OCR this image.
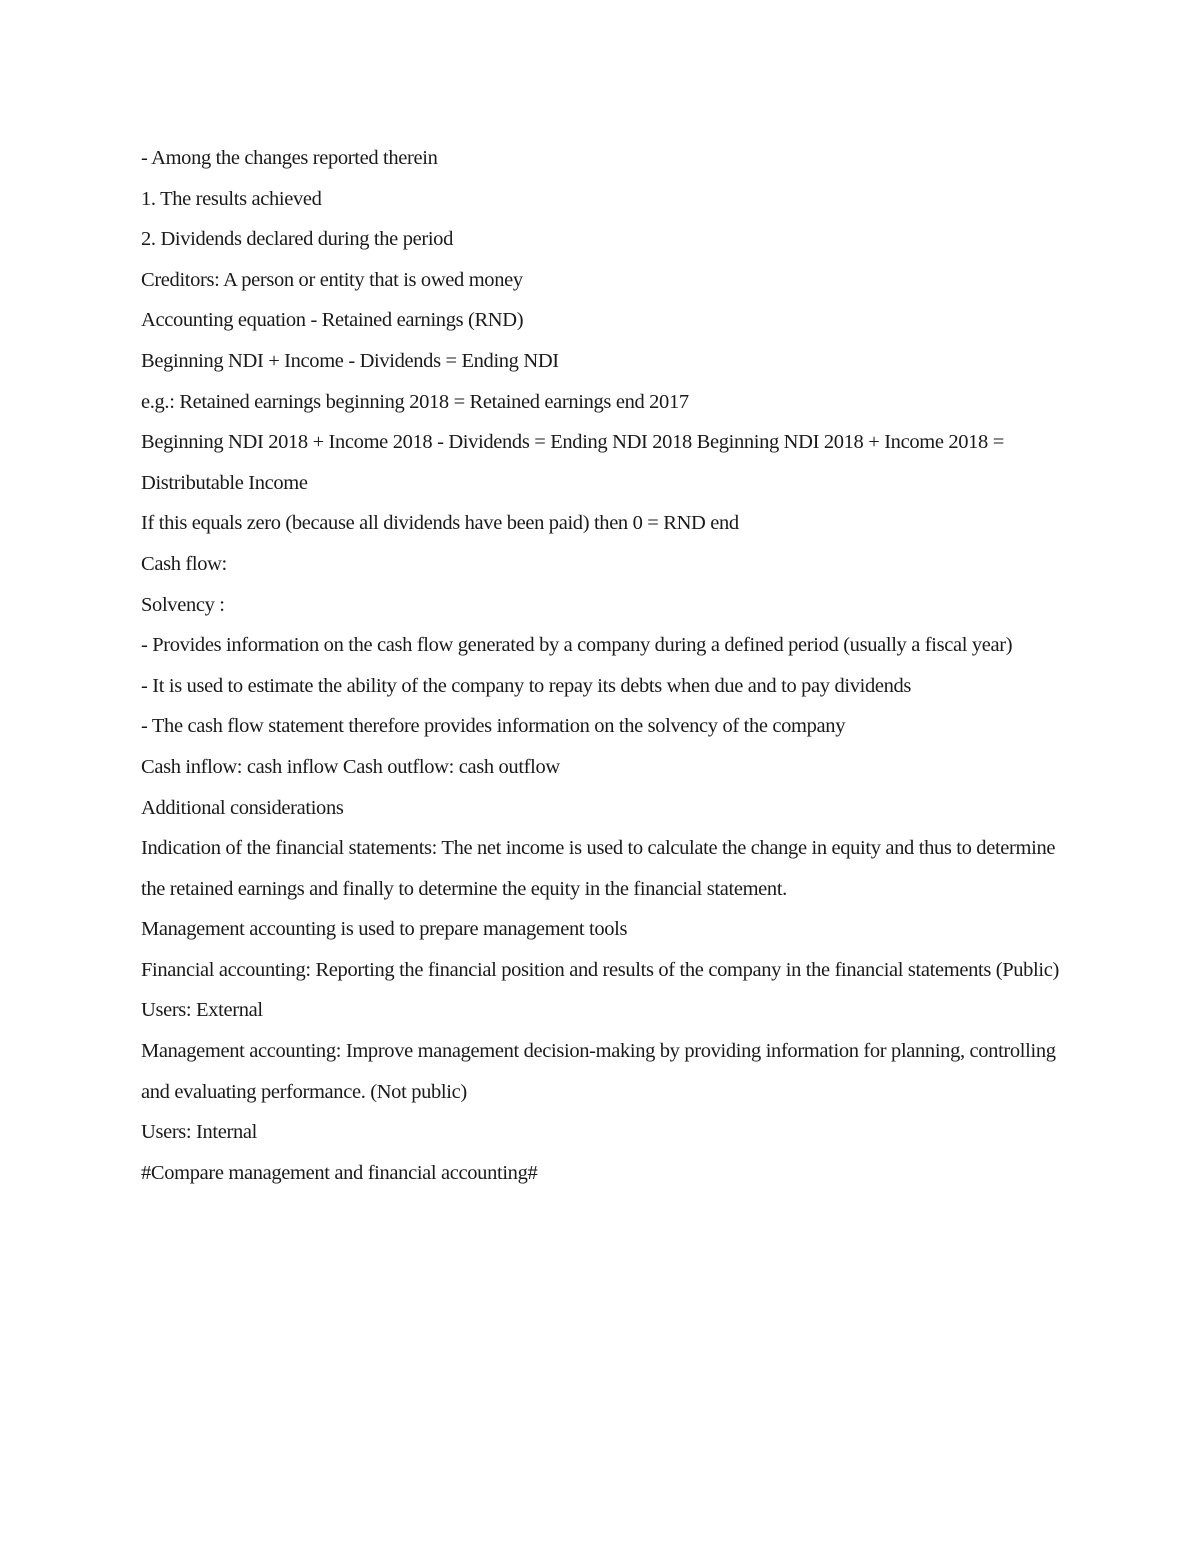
- Among the changes reported therein

1. The results achieved

2. Dividends declared during the period

Creditors: A person or entity that is owed money

Accounting equation - Retained earnings (RND)

Beginning NDI + Income - Dividends = Ending NDI

e.g.: Retained earnings beginning 2018 = Retained earnings end 2017

Beginning NDI 2018 + Income 2018 - Dividends = Ending NDI 2018 Beginning NDI 2018 + Income 2018 = Distributable Income

If this equals zero (because all dividends have been paid) then 0 = RND end

Cash flow:

Solvency :

- Provides information on the cash flow generated by a company during a defined period (usually a fiscal year)

- It is used to estimate the ability of the company to repay its debts when due and to pay dividends

- The cash flow statement therefore provides information on the solvency of the company

Cash inflow: cash inflow Cash outflow: cash outflow

Additional considerations

Indication of the financial statements: The net income is used to calculate the change in equity and thus to determine the retained earnings and finally to determine the equity in the financial statement.

Management accounting is used to prepare management tools

Financial accounting: Reporting the financial position and results of the company in the financial statements (Public)

Users: External

Management accounting: Improve management decision-making by providing information for planning, controlling and evaluating performance. (Not public)

Users: Internal

#Compare management and financial accounting#
